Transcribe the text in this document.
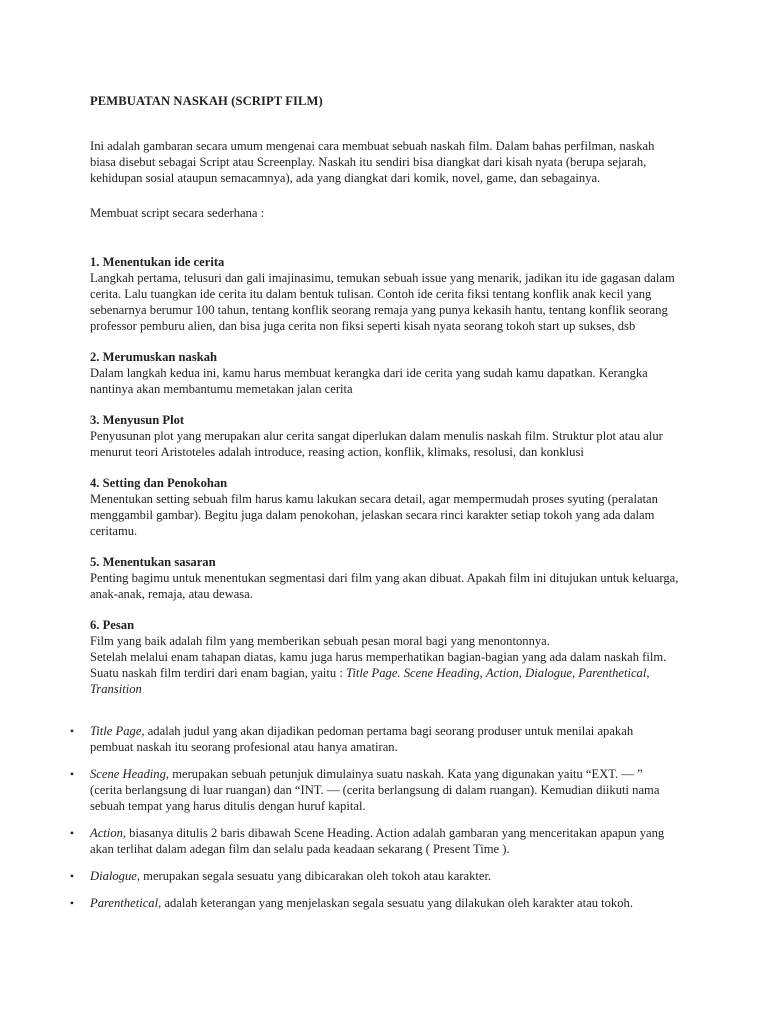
PEMBUATAN NASKAH (SCRIPT FILM)

Ini adalah gambaran secara umum mengenai cara membuat sebuah naskah film. Dalam bahas perfilman, naskah biasa disebut sebagai Script atau Screenplay. Naskah itu sendiri bisa diangkat dari kisah nyata (berupa sejarah, kehidupan sosial ataupun semacamnya), ada yang diangkat dari komik, novel, game, dan sebagainya.

Membuat script secara sederhana :

1. Menentukan ide cerita

Langkah pertama, telusuri dan gali imajinasimu, temukan sebuah issue yang menarik, jadikan itu ide gagasan dalam cerita. Lalu tuangkan ide cerita itu dalam bentuk tulisan. Contoh ide cerita fiksi tentang konflik anak kecil yang sebenarnya berumur 100 tahun, tentang konflik seorang remaja yang punya kekasih hantu, tentang konflik seorang professor pemburu alien, dan bisa juga cerita non fiksi seperti kisah nyata seorang tokoh start up sukses, dsb

2. Merumuskan naskah

Dalam langkah kedua ini, kamu harus membuat kerangka dari ide cerita yang sudah kamu dapatkan. Kerangka nantinya akan membantumu memetakan jalan cerita

3. Menyusun Plot

Penyusunan plot yang merupakan alur cerita sangat diperlukan dalam menulis naskah film. Struktur plot atau alur menurut teori Aristoteles adalah introduce, reasing action, konflik, klimaks, resolusi, dan konklusi

4. Setting dan Penokohan

Menentukan setting sebuah film harus kamu lakukan secara detail, agar mempermudah proses syuting (peralatan menggambil gambar). Begitu juga dalam penokohan, jelaskan secara rinci karakter setiap tokoh yang ada dalam ceritamu.

5. Menentukan sasaran

Penting bagimu untuk menentukan segmentasi dari film yang akan dibuat. Apakah film ini ditujukan untuk keluarga, anak-anak, remaja, atau dewasa.

6. Pesan

Film yang baik adalah film yang memberikan sebuah pesan moral bagi yang menontonnya.

Setelah melalui enam tahapan diatas, kamu juga harus memperhatikan bagian-bagian yang ada dalam naskah film. Suatu naskah film terdiri dari enam bagian, yaitu : Title Page. Scene Heading, Action, Dialogue, Parenthetical, Transition

•	Title Page, adalah judul yang akan dijadikan pedoman pertama bagi seorang produser untuk menilai apakah pembuat naskah itu seorang profesional atau hanya amatiran.
•	Scene Heading, merupakan sebuah petunjuk dimulainya suatu naskah. Kata yang digunakan yaitu “EXT. — ” (cerita berlangsung di luar ruangan) dan “INT. — (cerita berlangsung di dalam ruangan). Kemudian diikuti nama sebuah tempat yang harus ditulis dengan huruf kapital.
•	Action, biasanya ditulis 2 baris dibawah Scene Heading. Action adalah gambaran yang menceritakan apapun yang akan terlihat dalam adegan film dan selalu pada keadaan sekarang ( Present Time ).
•	Dialogue, merupakan segala sesuatu yang dibicarakan oleh tokoh atau karakter.
•	Parenthetical, adalah keterangan yang menjelaskan segala sesuatu yang dilakukan oleh karakter atau tokoh.
